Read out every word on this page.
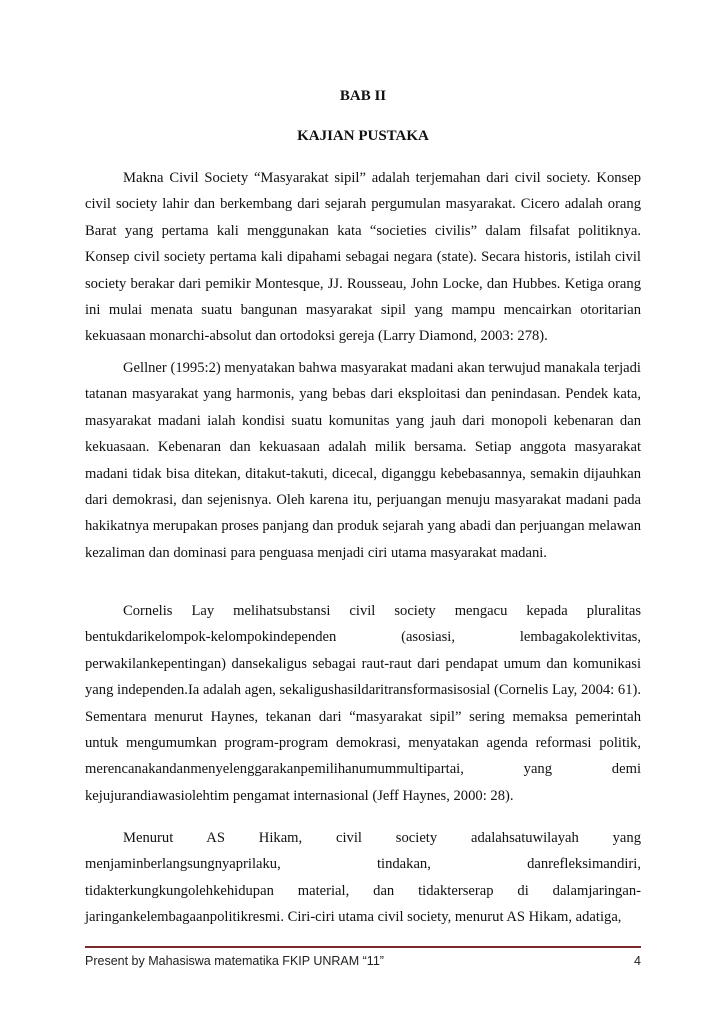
BAB II
KAJIAN PUSTAKA

Makna Civil Society “Masyarakat sipil” adalah terjemahan dari civil society. Konsep civil society lahir dan berkembang dari sejarah pergumulan masyarakat. Cicero adalah orang Barat yang pertama kali menggunakan kata “societies civilis” dalam filsafat politiknya. Konsep civil society pertama kali dipahami sebagai negara (state). Secara historis, istilah civil society berakar dari pemikir Montesque, JJ. Rousseau, John Locke, dan Hubbes. Ketiga orang ini mulai menata suatu bangunan masyarakat sipil yang mampu mencairkan otoritarian kekuasaan monarchi-absolut dan ortodoksi gereja (Larry Diamond, 2003: 278).

Gellner (1995:2) menyatakan bahwa masyarakat madani akan terwujud manakala terjadi tatanan masyarakat yang harmonis, yang bebas dari eksploitasi dan penindasan. Pendek kata, masyarakat madani ialah kondisi suatu komunitas yang jauh dari monopoli kebenaran dan kekuasaan. Kebenaran dan kekuasaan adalah milik bersama. Setiap anggota masyarakat madani tidak bisa ditekan, ditakut-takuti, dicecal, diganggu kebebasannya, semakin dijauhkan dari demokrasi, dan sejenisnya. Oleh karena itu, perjuangan menuju masyarakat madani pada hakikatnya merupakan proses panjang dan produk sejarah yang abadi dan perjuangan melawan kezaliman dan dominasi para penguasa menjadi ciri utama masyarakat madani.

Cornelis Lay melihatsubstansi civil society mengacu kepada pluralitas bentukdarikelompok-kelompokindependen (asosiasi, lembagakolektivitas, perwakilankepentingan) dansekaligus sebagai raut-raut dari pendapat umum dan komunikasi yang independen.Ia adalah agen, sekaligushasildaritransformasisosial (Cornelis Lay, 2004: 61). Sementara menurut Haynes, tekanan dari “masyarakat sipil” sering memaksa pemerintah untuk mengumumkan program-program demokrasi, menyatakan agenda reformasi politik, merencanakandanmenyelenggarakanpemilihanumummultipartai, yang demi kejujurandiawasiolehtim pengamat internasional (Jeff Haynes, 2000: 28).

Menurut AS Hikam, civil society adalahsatuwilayah yang menjaminberlangsungnyaprilaku, tindakan, danrefleksimandiri, tidakterkungkungolehkehidupan material, dan tidakterserap di dalamjaringan-jaringankelembagaanpolitikresmi. Ciri-ciri utama civil society, menurut AS Hikam, adatiga,

Present by Mahasiswa matematika FKIP UNRAM “11”	4
